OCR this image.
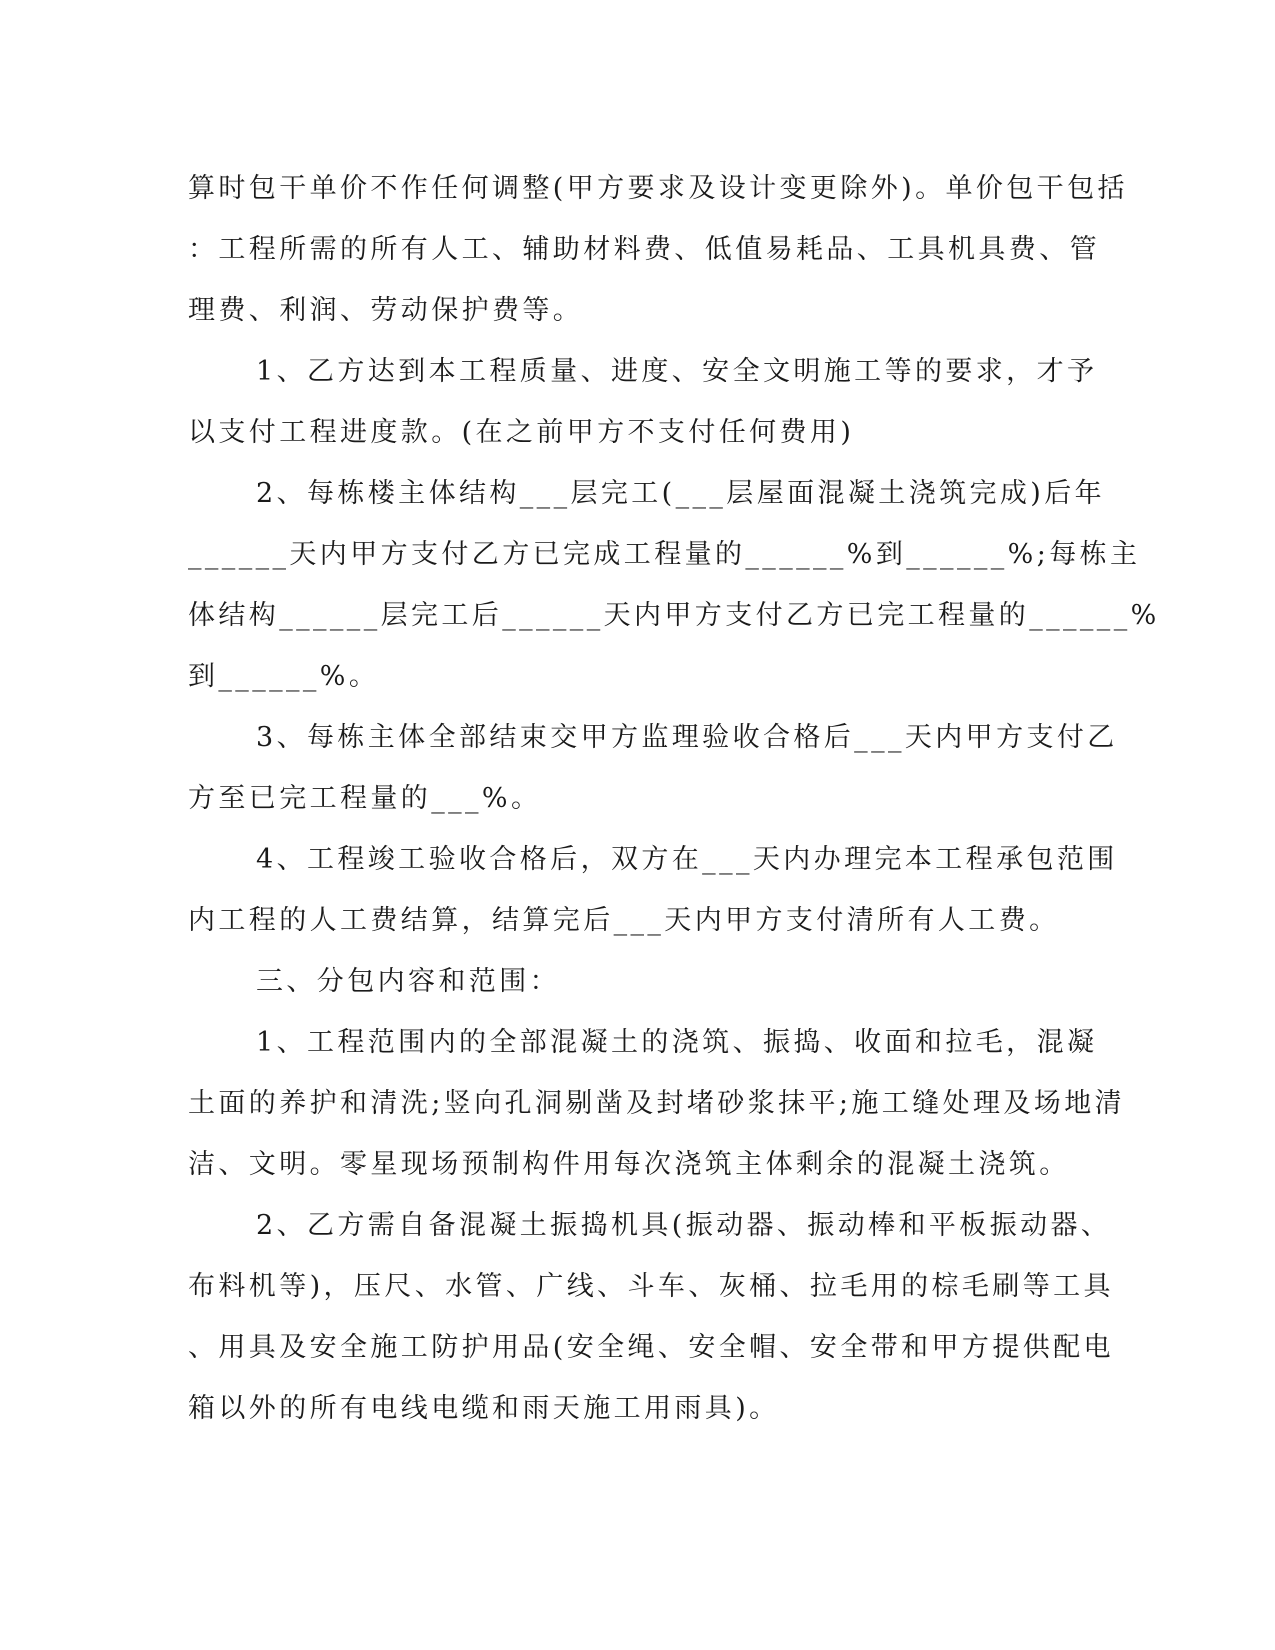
算时包干单价不作任何调整(甲方要求及设计变更除外)。单价包干包括
：工程所需的所有人工、辅助材料费、低值易耗品、工具机具费、管
理费、利润、劳动保护费等。

1、乙方达到本工程质量、进度、安全文明施工等的要求，才予
以支付工程进度款。(在之前甲方不支付任何费用)

2、每栋楼主体结构___层完工(___层屋面混凝土浇筑完成)后年
______天内甲方支付乙方已完成工程量的______%到______%;每栋主
体结构______层完工后______天内甲方支付乙方已完工程量的______%
到______%。

3、每栋主体全部结束交甲方监理验收合格后___天内甲方支付乙
方至已完工程量的___%。

4、工程竣工验收合格后，双方在___天内办理完本工程承包范围
内工程的人工费结算，结算完后___天内甲方支付清所有人工费。

三、分包内容和范围：

1、工程范围内的全部混凝土的浇筑、振捣、收面和拉毛，混凝
土面的养护和清洗;竖向孔洞剔凿及封堵砂浆抹平;施工缝处理及场地清
洁、文明。零星现场预制构件用每次浇筑主体剩余的混凝土浇筑。

2、乙方需自备混凝土振捣机具(振动器、振动棒和平板振动器、
布料机等)，压尺、水管、广线、斗车、灰桶、拉毛用的棕毛刷等工具
、用具及安全施工防护用品(安全绳、安全帽、安全带和甲方提供配电
箱以外的所有电线电缆和雨天施工用雨具)。
